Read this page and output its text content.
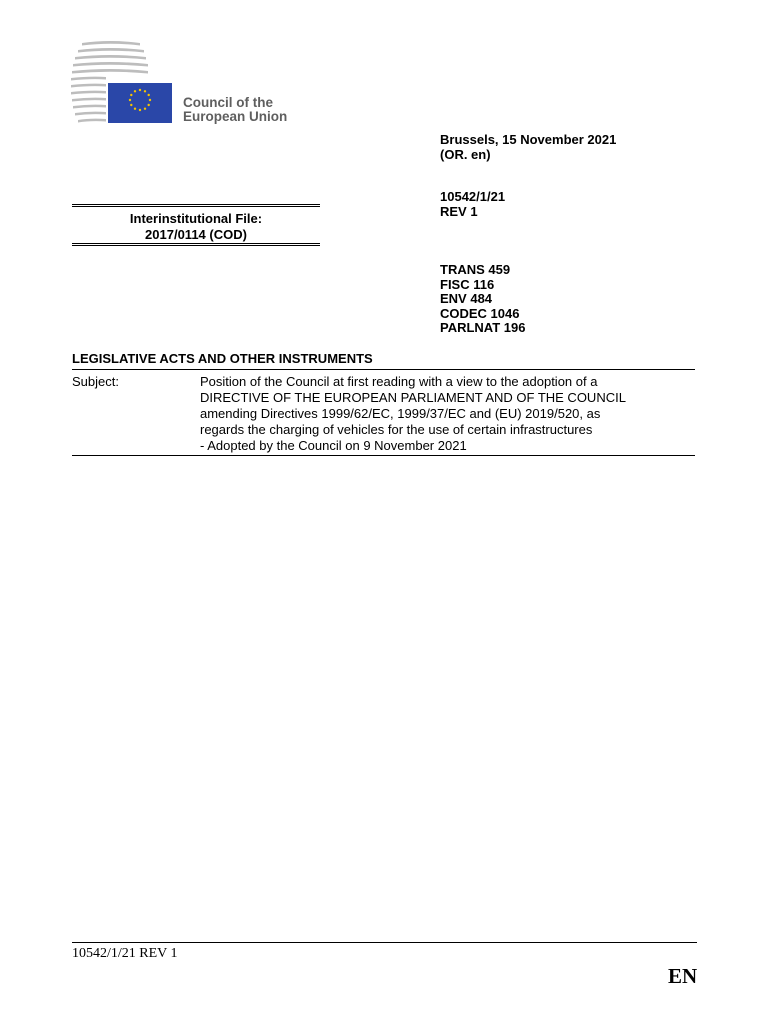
Council of the
European Union
Brussels, 15 November 2021
(OR. en)
10542/1/21
REV 1
TRANS 459
FISC 116
ENV 484
CODEC 1046
PARLNAT 196
Interinstitutional File:
2017/0114 (COD)
LEGISLATIVE ACTS AND OTHER INSTRUMENTS
Subject:	Position of the Council at first reading with a view to the adoption of a
DIRECTIVE OF THE EUROPEAN PARLIAMENT AND OF THE COUNCIL
amending Directives 1999/62/EC, 1999/37/EC and (EU) 2019/520, as
regards the charging of vehicles for the use of certain infrastructures
- Adopted by the Council on 9 November 2021
10542/1/21 REV 1
EN
